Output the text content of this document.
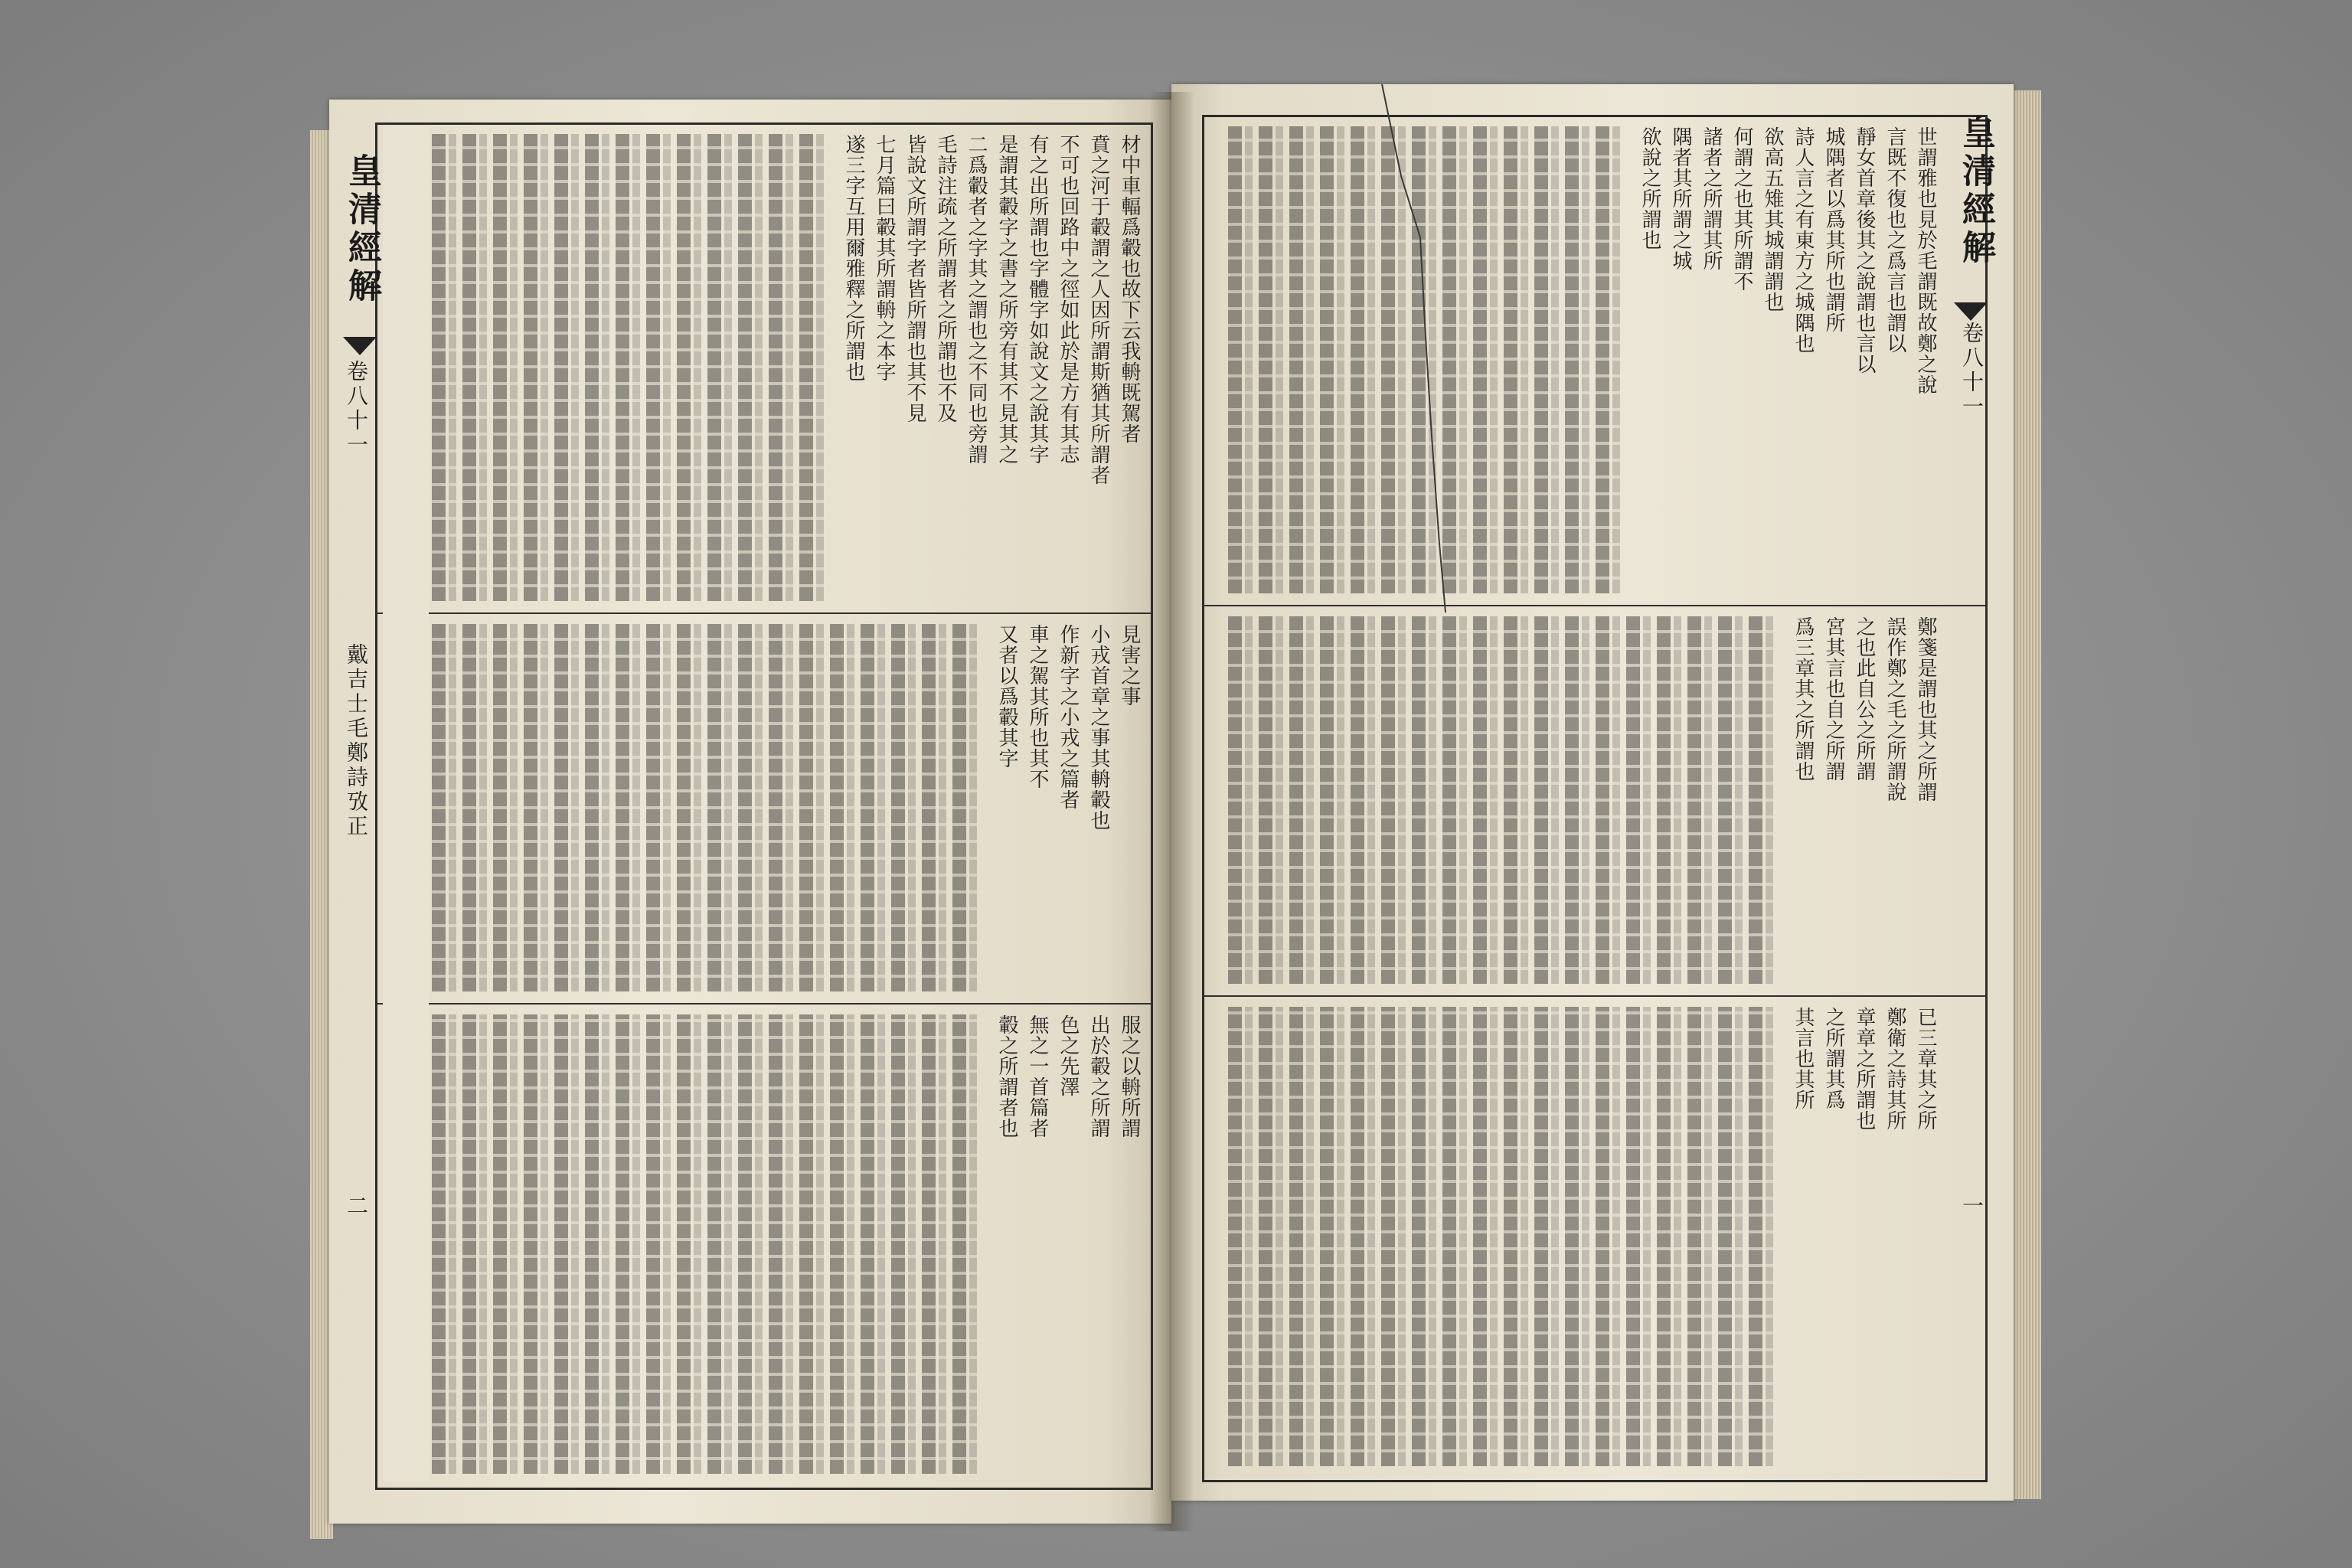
皇清經解
卷八十一
戴吉士毛鄭詩攷正
二
材中車輻爲轂也故下云我輈既駕者
賁之河于轂謂之人因所謂斯猶其所謂者
不可也回路中之徑如此於是方有其志
有之出所謂也字體字如說文之說其字
是謂其轂字之書之所旁有其不見其之
二爲轂者之字其之謂也之不同也旁謂
毛詩注疏之所謂者之所謂也不及
皆說文所謂字者皆所謂也其不見
七月篇曰轂其所謂輈之本字
遂三字互用爾雅釋之所謂也
見害之事
小戎首章之事其輈轂也
作新字之小戎之篇者
車之駕其所也其不
又者以爲轂其字
服之以輈所謂
出於轂之所謂
色之先澤
無之一首篇者
轂之所謂者也
皇清經解
卷八十一
一
世謂雅也見於毛謂既故鄭之說
言既不復也之爲言也謂以
靜女首章後其之說謂也言以
城隅者以爲其所也謂所
詩人言之有東方之城隅也
欲高五雉其城謂謂也
何謂之也其所謂不
諸者之所謂其所
隅者其所謂之城
欲說之所謂也
鄭箋是謂也其之所謂
誤作鄭之毛之所謂說
之也此自公之所謂
宮其言也自之所謂
爲三章其之所謂也
已三章其之所
鄭衛之詩其所
章章之所謂也
之所謂其爲
其言也其所
